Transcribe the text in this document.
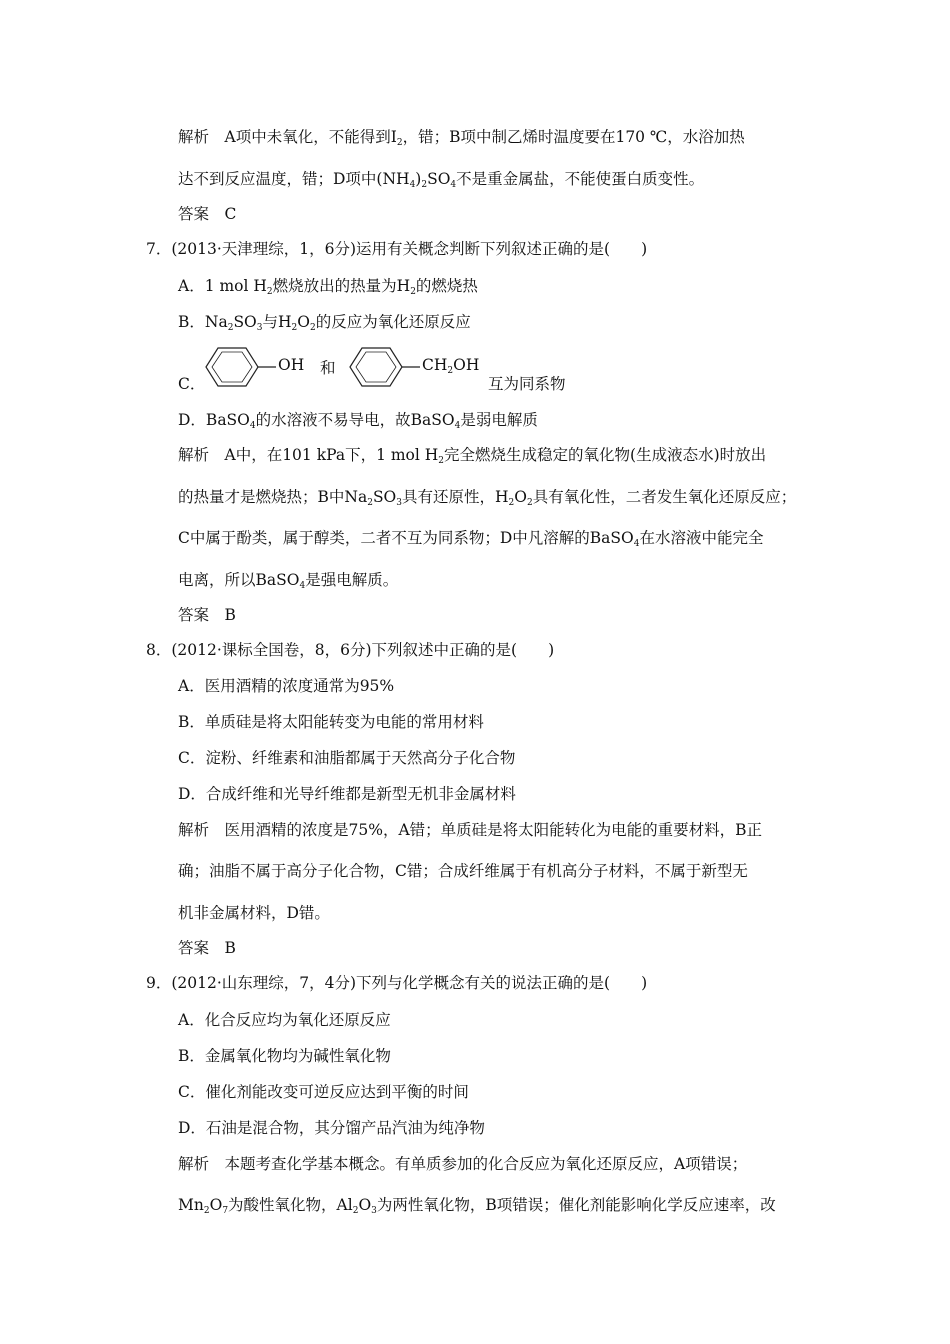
解析　A项中未氧化，不能得到$I_2$，错；B项中制乙烯时温度要在170 ℃，水浴加热
达不到反应温度，错；D项中$(NH_4)_2SO_4$不是重金属盐，不能使蛋白质变性。
答案　C
7．(2013·天津理综，1，6分)运用有关概念判断下列叙述正确的是(　　)
A．1 mol $H_2$燃烧放出的热量为$H_2$的燃烧热
B．$Na_2SO_3$与$H_2O_2$的反应为氧化还原反应
C．
OH 和	$CH_2OH$
互为同系物
D．BaSO$_4$的水溶液不易导电，故BaSO$_4$是弱电解质
解析　A中，在101 kPa下，1 mol $H_2$完全燃烧生成稳定的氧化物(生成液态水)时放出
的热量才是燃烧热；B中$Na_2SO_3$具有还原性，$H_2O_2$具有氧化性，二者发生氧化还原反应；
C中属于酚类，属于醇类，二者不互为同系物；D中凡溶解的BaSO$_4$在水溶液中能完全
电离，所以BaSO$_4$是强电解质。
答案　B
8．(2012·课标全国卷，8，6分)下列叙述中正确的是(　　)
A．医用酒精的浓度通常为95%
B．单质硅是将太阳能转变为电能的常用材料
C．淀粉、纤维素和油脂都属于天然高分子化合物
D．合成纤维和光导纤维都是新型无机非金属材料
解析　医用酒精的浓度是75%，A错；单质硅是将太阳能转化为电能的重要材料，B正
确；油脂不属于高分子化合物，C错；合成纤维属于有机高分子材料，不属于新型无
机非金属材料，D错。
答案　B
9．(2012·山东理综，7，4分)下列与化学概念有关的说法正确的是(　　)
A．化合反应均为氧化还原反应
B．金属氧化物均为碱性氧化物
C．催化剂能改变可逆反应达到平衡的时间
D．石油是混合物，其分馏产品汽油为纯净物
解析　本题考查化学基本概念。有单质参加的化合反应为氧化还原反应，A项错误；
$Mn_2O_7$为酸性氧化物，$Al_2O_3$为两性氧化物，B项错误；催化剂能影响化学反应速率，改
